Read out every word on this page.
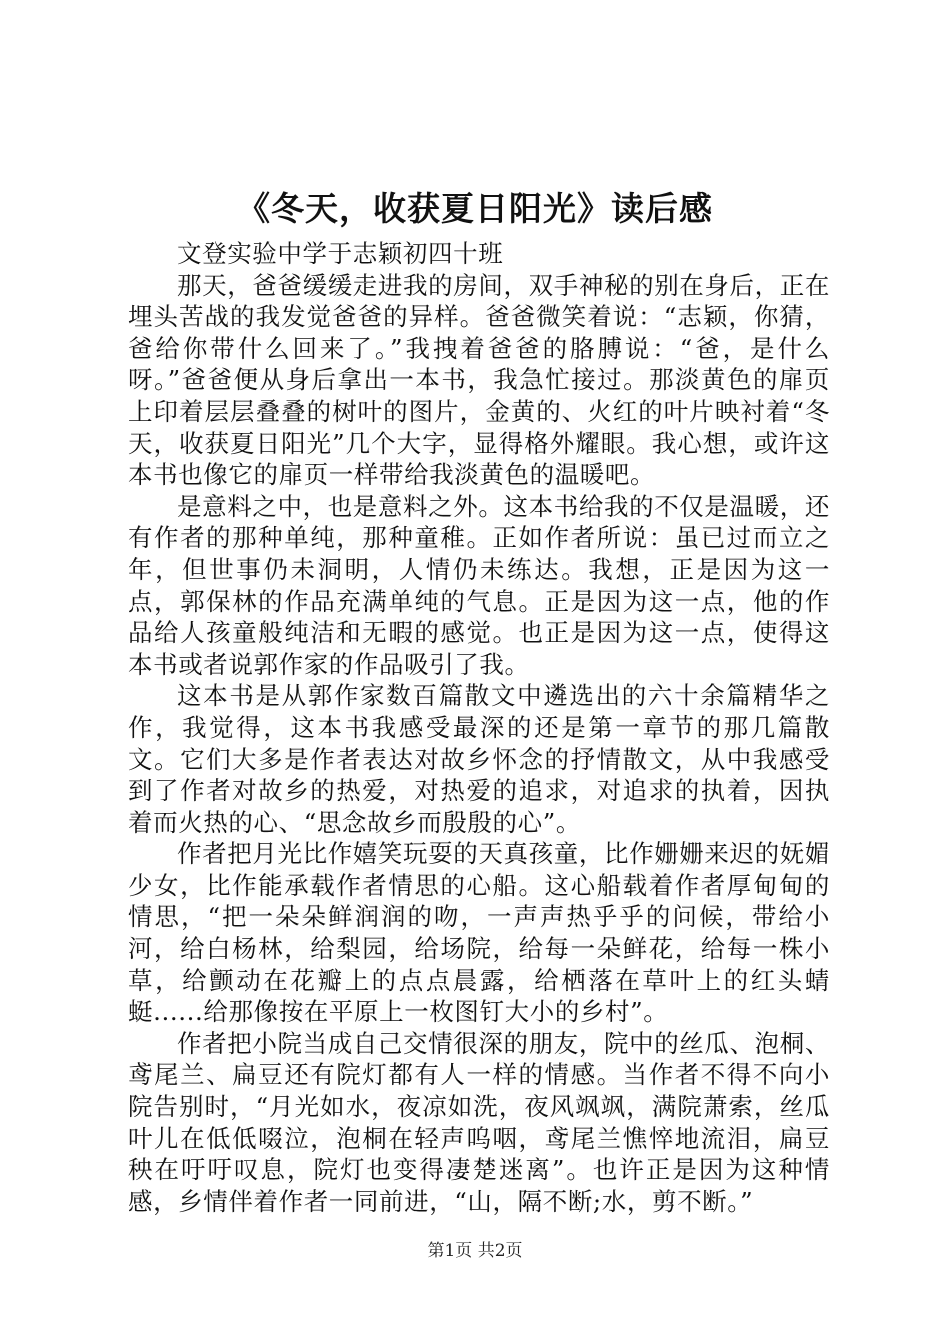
《冬天，收获夏日阳光》读后感

文登实验中学于志颖初四十班

那天，爸爸缓缓走进我的房间，双手神秘的别在身后，正在埋头苦战的我发觉爸爸的异样。爸爸微笑着说：“志颖，你猜，爸给你带什么回来了。”我拽着爸爸的胳膊说：“爸，是什么呀。”爸爸便从身后拿出一本书，我急忙接过。那淡黄色的扉页上印着层层叠叠的树叶的图片，金黄的、火红的叶片映衬着“冬天，收获夏日阳光”几个大字，显得格外耀眼。我心想，或许这本书也像它的扉页一样带给我淡黄色的温暖吧。

是意料之中，也是意料之外。这本书给我的不仅是温暖，还有作者的那种单纯，那种童稚。正如作者所说：虽已过而立之年，但世事仍未洞明，人情仍未练达。我想，正是因为这一点，郭保林的作品充满单纯的气息。正是因为这一点，他的作品给人孩童般纯洁和无暇的感觉。也正是因为这一点，使得这本书或者说郭作家的作品吸引了我。

这本书是从郭作家数百篇散文中遴选出的六十余篇精华之作，我觉得，这本书我感受最深的还是第一章节的那几篇散文。它们大多是作者表达对故乡怀念的抒情散文，从中我感受到了作者对故乡的热爱，对热爱的追求，对追求的执着，因执着而火热的心、“思念故乡而殷殷的心”。

作者把月光比作嬉笑玩耍的天真孩童，比作姗姗来迟的妩媚少女，比作能承载作者情思的心船。这心船载着作者厚甸甸的情思，“把一朵朵鲜润润的吻，一声声热乎乎的问候，带给小河，给白杨林，给梨园，给场院，给每一朵鲜花，给每一株小草，给颤动在花瓣上的点点晨露，给栖落在草叶上的红头蜻蜓......给那像按在平原上一枚图钉大小的乡村”。

作者把小院当成自己交情很深的朋友，院中的丝瓜、泡桐、鸢尾兰、扁豆还有院灯都有人一样的情感。当作者不得不向小院告别时，“月光如水，夜凉如洗，夜风飒飒，满院萧索，丝瓜叶儿在低低啜泣，泡桐在轻声呜咽，鸢尾兰憔悴地流泪，扁豆秧在吁吁叹息，院灯也变得凄楚迷离”。也许正是因为这种情感，乡情伴着作者一同前进，“山，隔不断;水，剪不断。”

第1页 共2页
